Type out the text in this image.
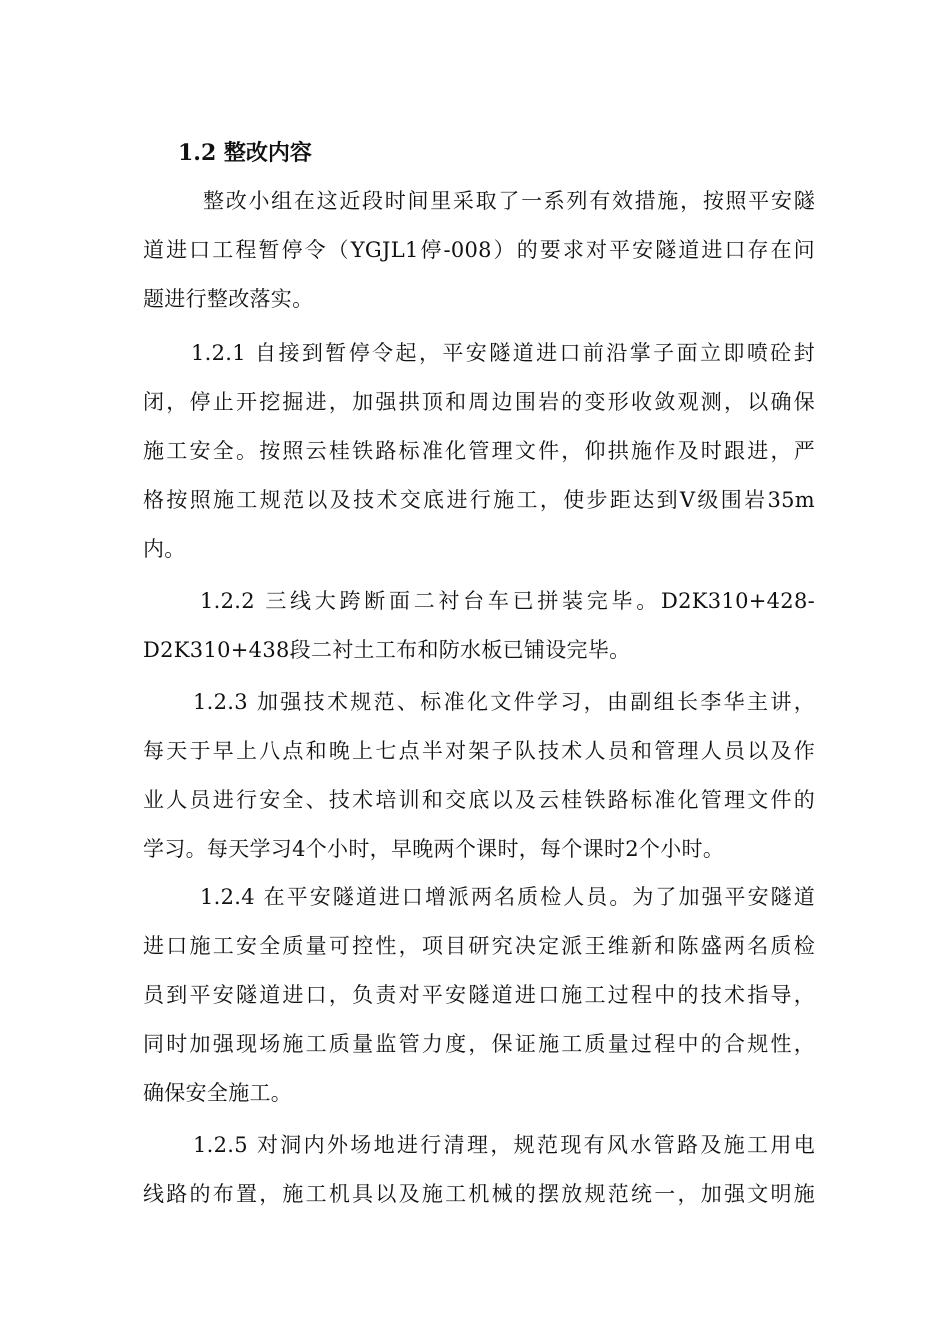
1.2 整改内容
整改小组在这近段时间里采取了一系列有效措施，按照平安隧
道进口工程暂停令（YGJL1停-008）的要求对平安隧道进口存在问
题进行整改落实。
1.2.1 自接到暂停令起，平安隧道进口前沿掌子面立即喷砼封
闭，停止开挖掘进，加强拱顶和周边围岩的变形收敛观测，以确保
施工安全。按照云桂铁路标准化管理文件，仰拱施作及时跟进，严
格按照施工规范以及技术交底进行施工，使步距达到Ⅴ级围岩35m
内。
1.2.2 三线大跨断面二衬台车已拼装完毕。D2K310+428-
D2K310+438段二衬土工布和防水板已铺设完毕。
1.2.3 加强技术规范、标准化文件学习，由副组长李华主讲，
每天于早上八点和晚上七点半对架子队技术人员和管理人员以及作
业人员进行安全、技术培训和交底以及云桂铁路标准化管理文件的
学习。每天学习4个小时，早晚两个课时，每个课时2个小时。
1.2.4 在平安隧道进口增派两名质检人员。为了加强平安隧道
进口施工安全质量可控性，项目研究决定派王维新和陈盛两名质检
员到平安隧道进口，负责对平安隧道进口施工过程中的技术指导，
同时加强现场施工质量监管力度，保证施工质量过程中的合规性，
确保安全施工。
1.2.5 对洞内外场地进行清理，规范现有风水管路及施工用电
线路的布置，施工机具以及施工机械的摆放规范统一，加强文明施
